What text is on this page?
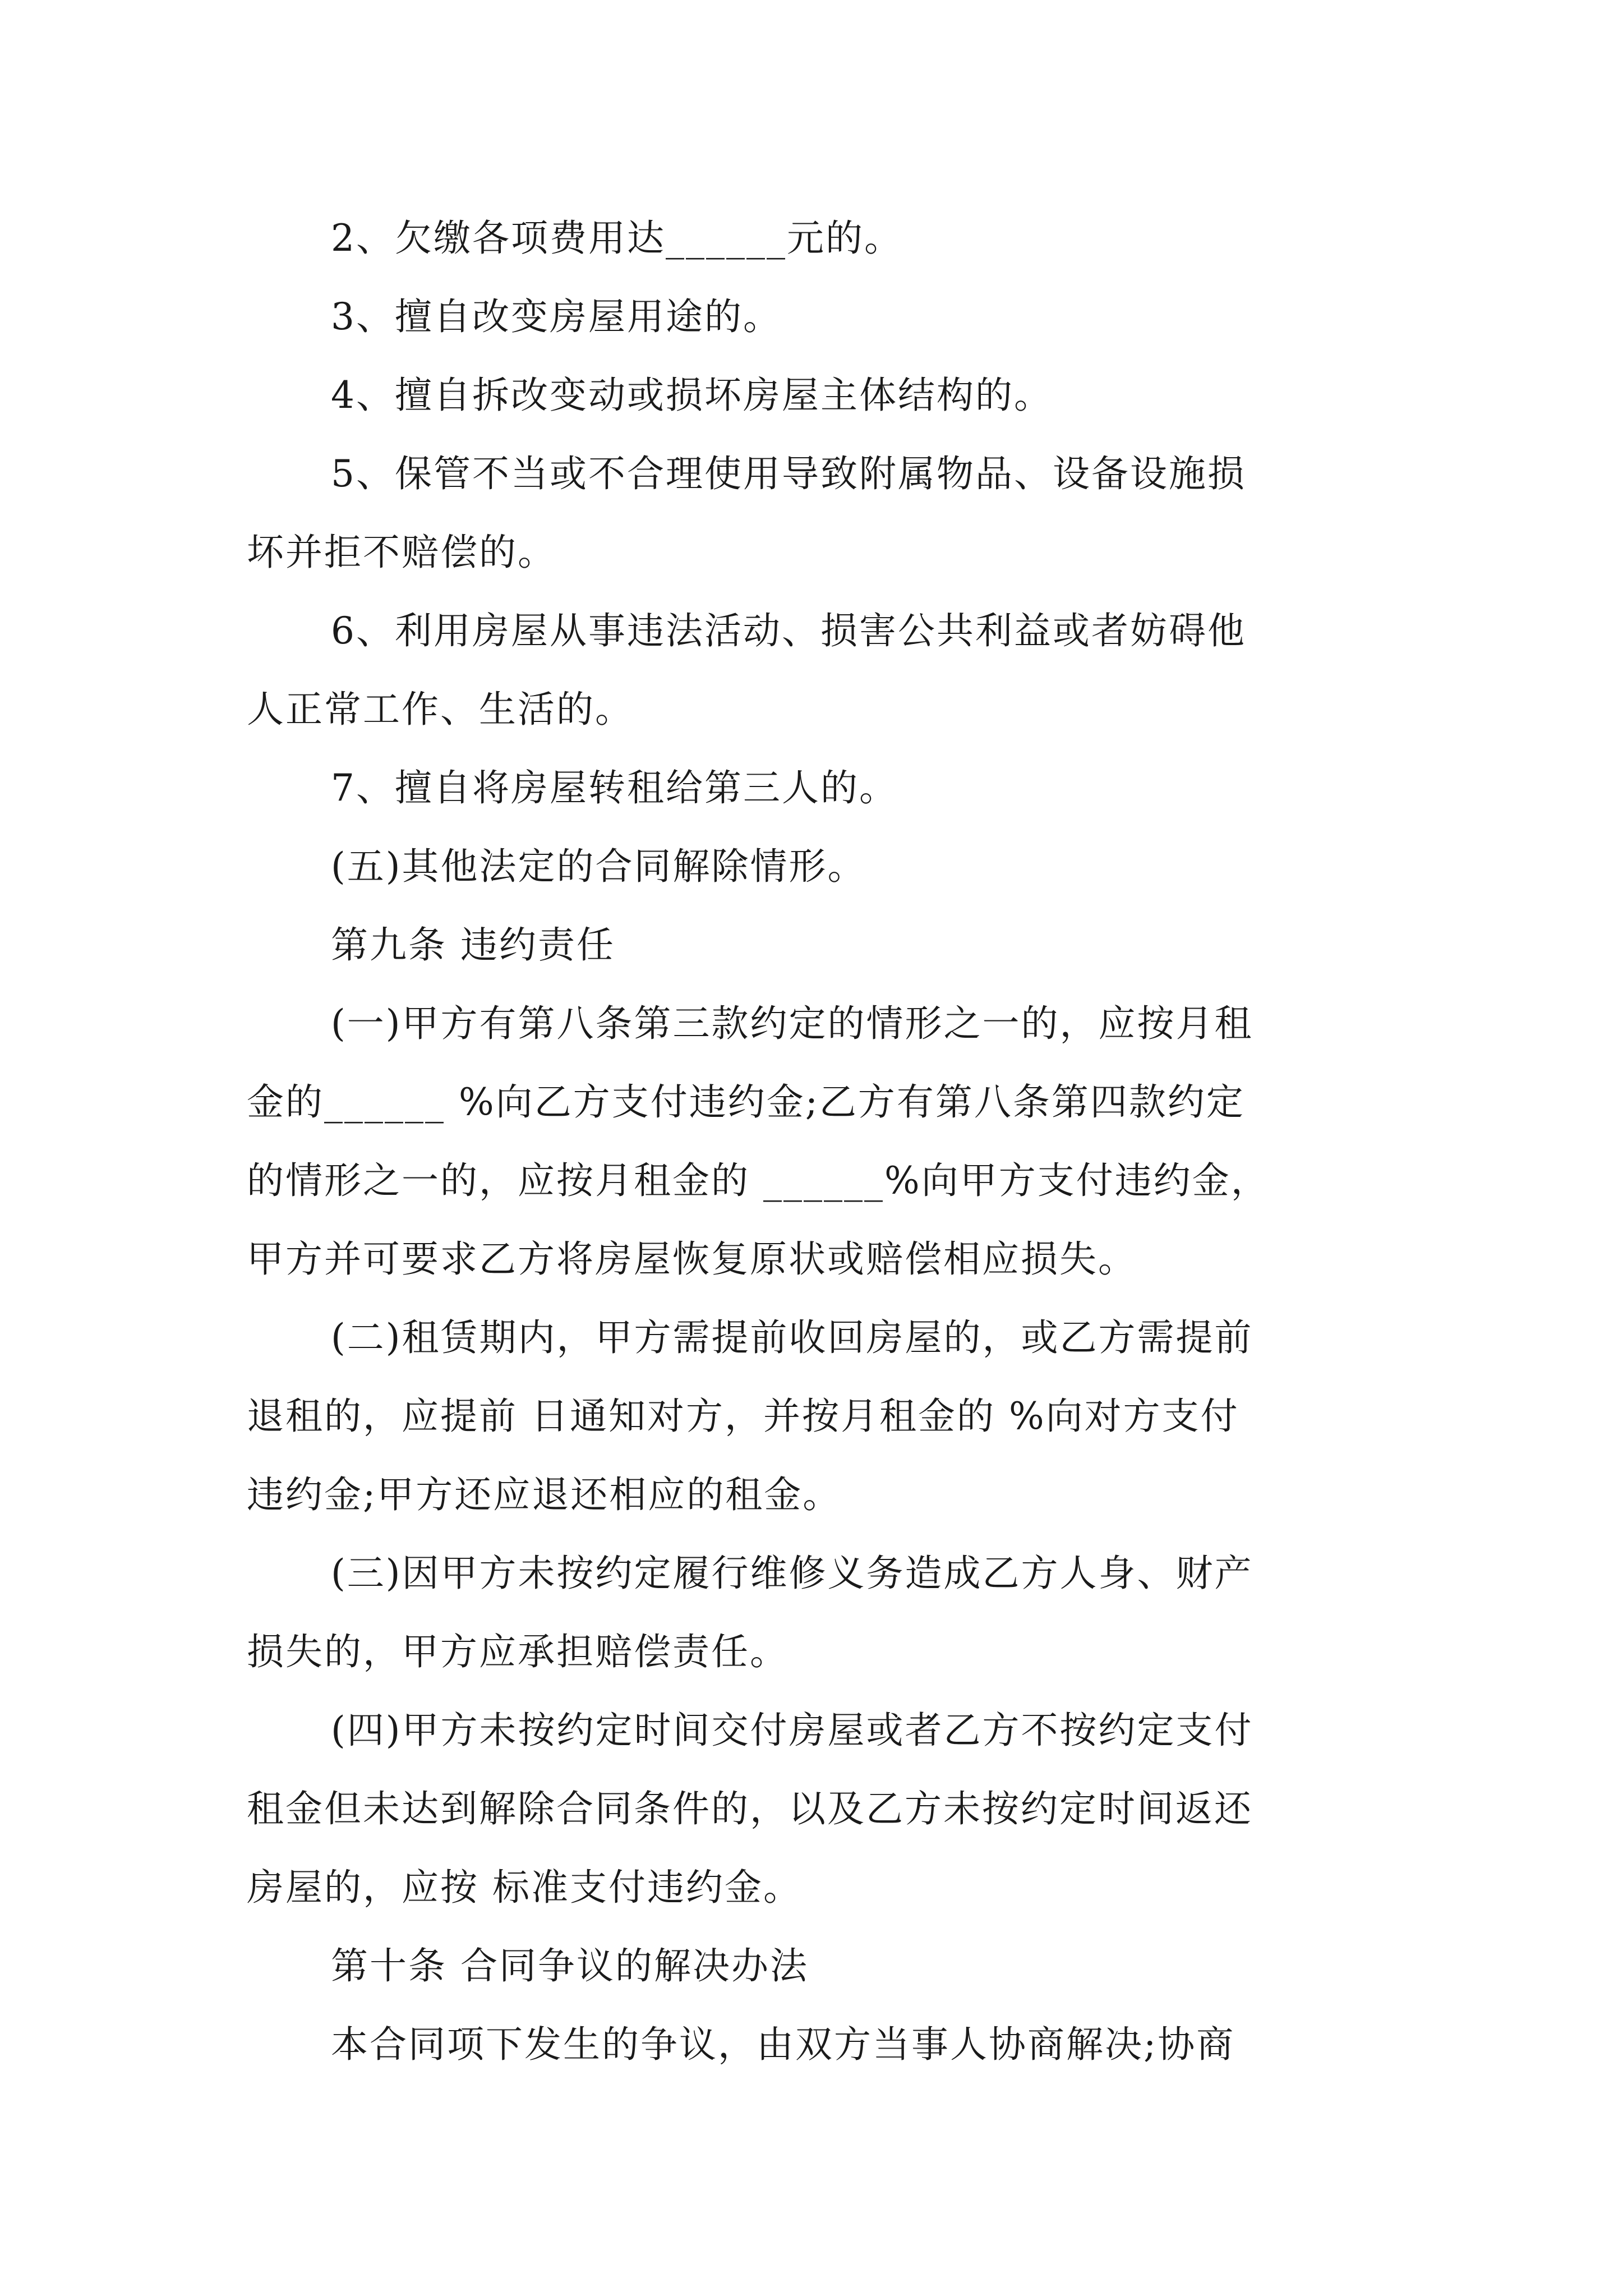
2、欠缴各项费用达______元的。
3、擅自改变房屋用途的。
4、擅自拆改变动或损坏房屋主体结构的。
5、保管不当或不合理使用导致附属物品、设备设施损
坏并拒不赔偿的。
6、利用房屋从事违法活动、损害公共利益或者妨碍他
人正常工作、生活的。
7、擅自将房屋转租给第三人的。
(五)其他法定的合同解除情形。
第九条 违约责任
(一)甲方有第八条第三款约定的情形之一的，应按月租
金的______ %向乙方支付违约金;乙方有第八条第四款约定
的情形之一的，应按月租金的 ______%向甲方支付违约金，
甲方并可要求乙方将房屋恢复原状或赔偿相应损失。
(二)租赁期内，甲方需提前收回房屋的，或乙方需提前
退租的，应提前 日通知对方，并按月租金的 %向对方支付
违约金;甲方还应退还相应的租金。
(三)因甲方未按约定履行维修义务造成乙方人身、财产
损失的，甲方应承担赔偿责任。
(四)甲方未按约定时间交付房屋或者乙方不按约定支付
租金但未达到解除合同条件的，以及乙方未按约定时间返还
房屋的，应按 标准支付违约金。
第十条 合同争议的解决办法
本合同项下发生的争议，由双方当事人协商解决;协商
